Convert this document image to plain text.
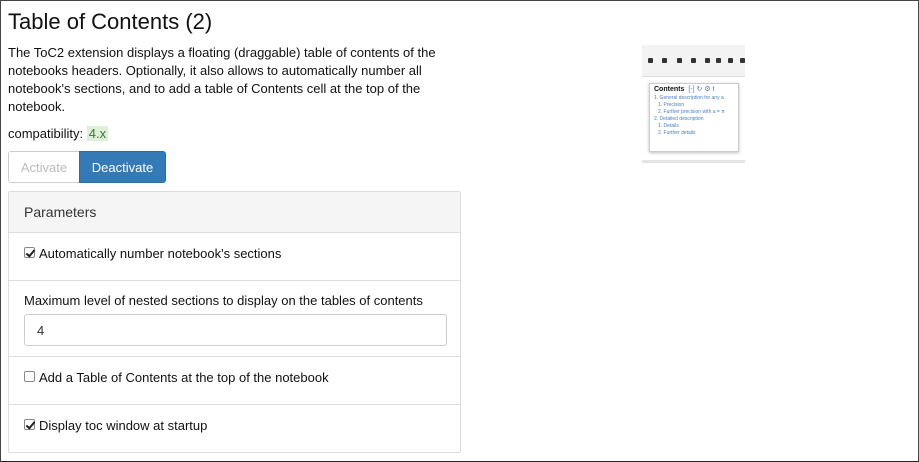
Table of Contents (2)

The ToC2 extension displays a floating (draggable) table of contents of the notebooks headers. Optionally, it also allows to automatically number all notebook's sections, and to add a table of Contents cell at the top of the notebook.

compatibility: 4.x
Activate	Deactivate
Parameters
Automatically number notebook's sections
Maximum level of nested sections to display on the tables of contents
4
Add a Table of Contents at the top of the notebook
Display toc window at startup
Contents [-] ↻ ⚙ t
1. General description for any a
1. Precision
2. Further precision with a = π
2. Detailed description
1. Details
2. Further details
